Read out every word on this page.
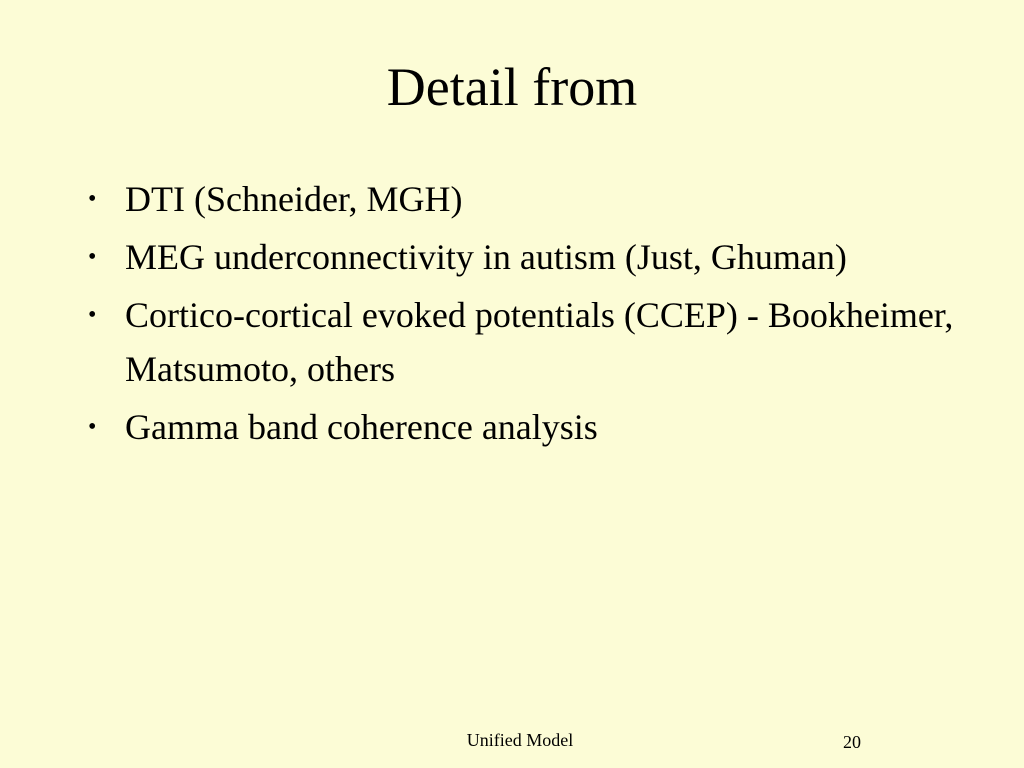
Detail from
• DTI (Schneider, MGH)
• MEG underconnectivity in autism (Just, Ghuman)
• Cortico-cortical evoked potentials (CCEP) - Bookheimer, Matsumoto, others
• Gamma band coherence analysis
Unified Model	20
